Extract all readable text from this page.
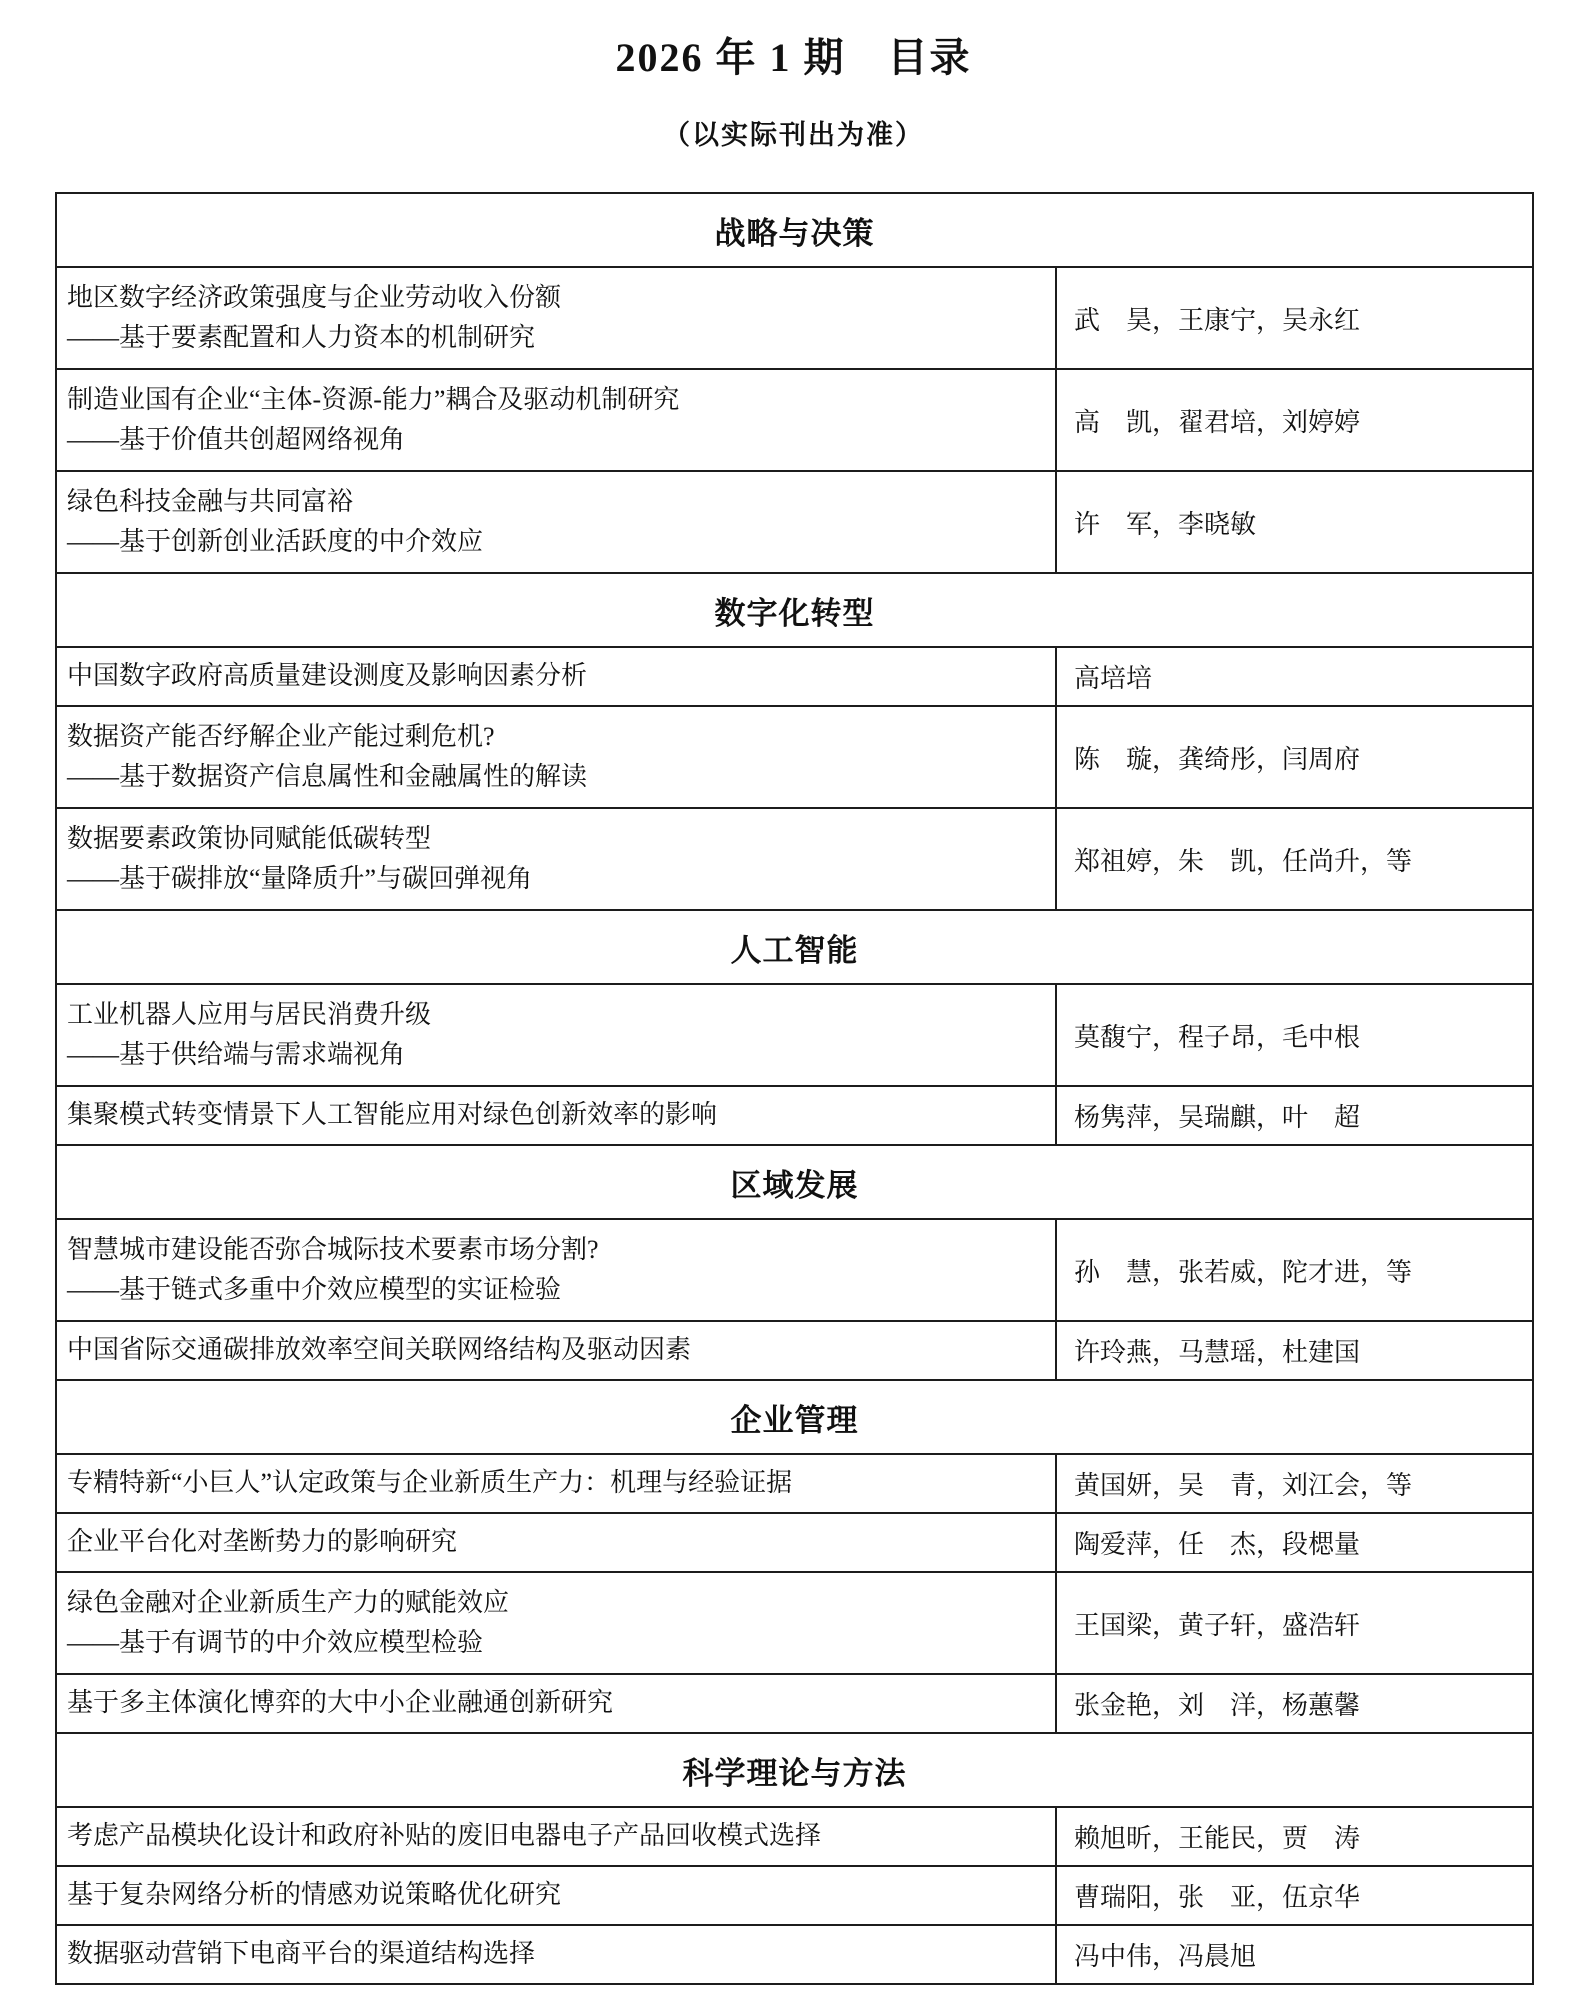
2026 年 1 期　目录
（以实际刊出为准）
战略与决策	

地区数字经济政策强度与企业劳动收入份额
——基于要素配置和人力资本的机制研究	武　昊，王康宁，吴永红

制造业国有企业“主体-资源-能力”耦合及驱动机制研究
——基于价值共创超网络视角	高　凯，翟君培，刘婷婷

绿色科技金融与共同富裕
——基于创新创业活跃度的中介效应	许　军，李晓敏
数字化转型	

中国数字政府高质量建设测度及影响因素分析	高培培

数据资产能否纾解企业产能过剩危机?
——基于数据资产信息属性和金融属性的解读	陈　璇，龚绮彤，闫周府

数据要素政策协同赋能低碳转型
——基于碳排放“量降质升”与碳回弹视角	郑祖婷，朱　凯，任尚升，等
人工智能	

工业机器人应用与居民消费升级
——基于供给端与需求端视角	莫馥宁，程子昂，毛中根

集聚模式转变情景下人工智能应用对绿色创新效率的影响	杨隽萍，吴瑞麒，叶　超
区域发展	

智慧城市建设能否弥合城际技术要素市场分割?
——基于链式多重中介效应模型的实证检验	孙　慧，张若威，陀才进，等

中国省际交通碳排放效率空间关联网络结构及驱动因素	许玲燕，马慧瑶，杜建国
企业管理	

专精特新“小巨人”认定政策与企业新质生产力：机理与经验证据	黄国妍，吴　青，刘江会，等

企业平台化对垄断势力的影响研究	陶爱萍，任　杰，段楒量

绿色金融对企业新质生产力的赋能效应
——基于有调节的中介效应模型检验	王国梁，黄子轩，盛浩轩

基于多主体演化博弈的大中小企业融通创新研究	张金艳，刘　洋，杨蕙馨
科学理论与方法	

考虑产品模块化设计和政府补贴的废旧电器电子产品回收模式选择	赖旭昕，王能民，贾　涛

基于复杂网络分析的情感劝说策略优化研究	曹瑞阳，张　亚，伍京华

数据驱动营销下电商平台的渠道结构选择	冯中伟，冯晨旭
